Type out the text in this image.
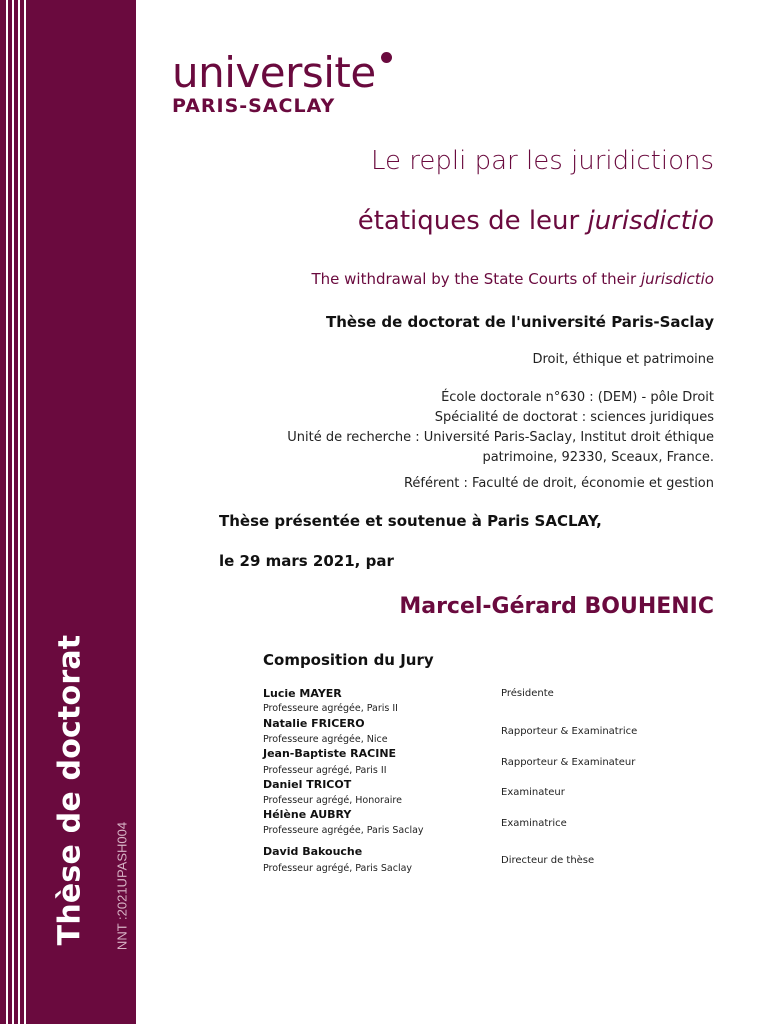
Thèse de doctorat NNT :2021UPASH004
universite
PARIS-SACLAY
Le repli par les juridictions
étatiques de leur jurisdictio
The withdrawal by the State Courts of their jurisdictio
Thèse de doctorat de l'université Paris-Saclay
Droit, éthique et patrimoine
École doctorale n°630 : (DEM) - pôle Droit
Spécialité de doctorat : sciences juridiques
Unité de recherche : Université Paris-Saclay, Institut droit éthique
patrimoine, 92330, Sceaux, France.
Référent : Faculté de droit, économie et gestion
Thèse présentée et soutenue à Paris SACLAY,
le 29 mars 2021, par
Marcel-Gérard BOUHENIC
Composition du Jury
Lucie MAYER
Professeure agrégée, Paris II
Présidente
Natalie FRICERO
Professeure agrégée, Nice
Rapporteur & Examinatrice
Jean-Baptiste RACINE
Professeur agrégé, Paris II
Rapporteur & Examinateur
Daniel TRICOT
Professeur agrégé, Honoraire
Examinateur
Hélène AUBRY
Professeure agrégée, Paris Saclay
Examinatrice
David Bakouche
Professeur agrégé, Paris Saclay
Directeur de thèse
